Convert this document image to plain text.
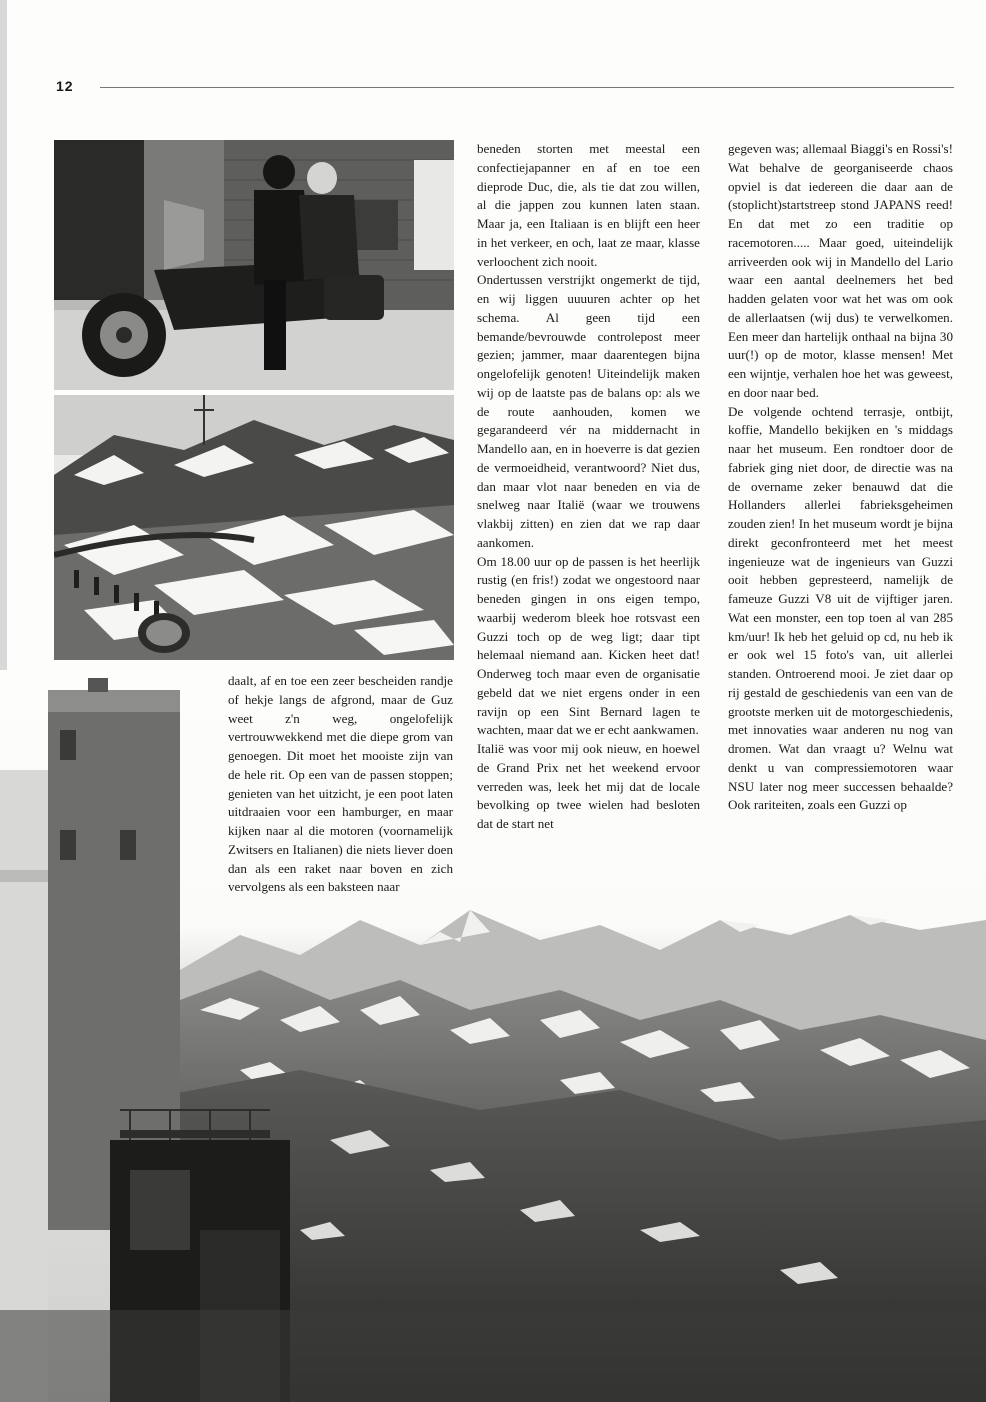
12

daalt, af en toe een zeer bescheiden randje of hekje langs de afgrond, maar de Guz weet z'n weg, ongelofelijk vertrouwwekkend met die diepe grom van genoegen. Dit moet het mooiste zijn van de hele rit. Op een van de passen stoppen; genieten van het uitzicht, je een poot laten uitdraaien voor een hamburger, en maar kijken naar al die motoren (voornamelijk Zwitsers en Italianen) die niets liever doen dan als een raket naar boven en zich vervolgens als een baksteen naar

beneden storten met meestal een confectiejapanner en af en toe een dieprode Duc, die, als tie dat zou willen, al die jappen zou kunnen laten staan. Maar ja, een Italiaan is en blijft een heer in het verkeer, en och, laat ze maar, klasse verloochent zich nooit.

Ondertussen verstrijkt ongemerkt de tijd, en wij liggen uuuuren achter op het schema. Al geen tijd een bemande/bevrouwde controlepost meer gezien; jammer, maar daarentegen bijna ongelofelijk genoten! Uiteindelijk maken wij op de laatste pas de balans op: als we de route aanhouden, komen we gegarandeerd vér na middernacht in Mandello aan, en in hoeverre is dat gezien de vermoeidheid, verantwoord? Niet dus, dan maar vlot naar beneden en via de snelweg naar Italië (waar we trouwens vlakbij zitten) en zien dat we rap daar aankomen.

Om 18.00 uur op de passen is het heerlijk rustig (en fris!) zodat we ongestoord naar beneden gingen in ons eigen tempo, waarbij wederom bleek hoe rotsvast een Guzzi toch op de weg ligt; daar tipt helemaal niemand aan. Kicken heet dat! Onderweg toch maar even de organisatie gebeld dat we niet ergens onder in een ravijn op een Sint Bernard lagen te wachten, maar dat we er echt aankwamen.

Italië was voor mij ook nieuw, en hoewel de Grand Prix net het weekend ervoor verreden was, leek het mij dat de locale bevolking op twee wielen had besloten dat de start net

gegeven was; allemaal Biaggi's en Rossi's! Wat behalve de georganiseerde chaos opviel is dat iedereen die daar aan de (stoplicht)startstreep stond JAPANS reed! En dat met zo een traditie op racemotoren..... Maar goed, uiteindelijk arriveerden ook wij in Mandello del Lario waar een aantal deelnemers het bed hadden gelaten voor wat het was om ook de allerlaatsen (wij dus) te verwelkomen. Een meer dan hartelijk onthaal na bijna 30 uur(!) op de motor, klasse mensen! Met een wijntje, verhalen hoe het was geweest, en door naar bed.

De volgende ochtend terrasje, ontbijt, koffie, Mandello bekijken en 's middags naar het museum. Een rondtoer door de fabriek ging niet door, de directie was na de overname zeker benauwd dat die Hollanders allerlei fabrieksgeheimen zouden zien! In het museum wordt je bijna direkt geconfronteerd met het meest ingenieuze wat de ingenieurs van Guzzi ooit hebben gepresteerd, namelijk de fameuze Guzzi V8 uit de vijftiger jaren. Wat een monster, een top toen al van 285 km/uur! Ik heb het geluid op cd, nu heb ik er ook wel 15 foto's van, uit allerlei standen. Ontroerend mooi. Je ziet daar op rij gestald de geschiedenis van een van de grootste merken uit de motorgeschiedenis, met innovaties waar anderen nu nog van dromen. Wat dan vraagt u? Welnu wat denkt u van compressiemotoren waar NSU later nog meer successen behaalde? Ook rariteiten, zoals een Guzzi op
